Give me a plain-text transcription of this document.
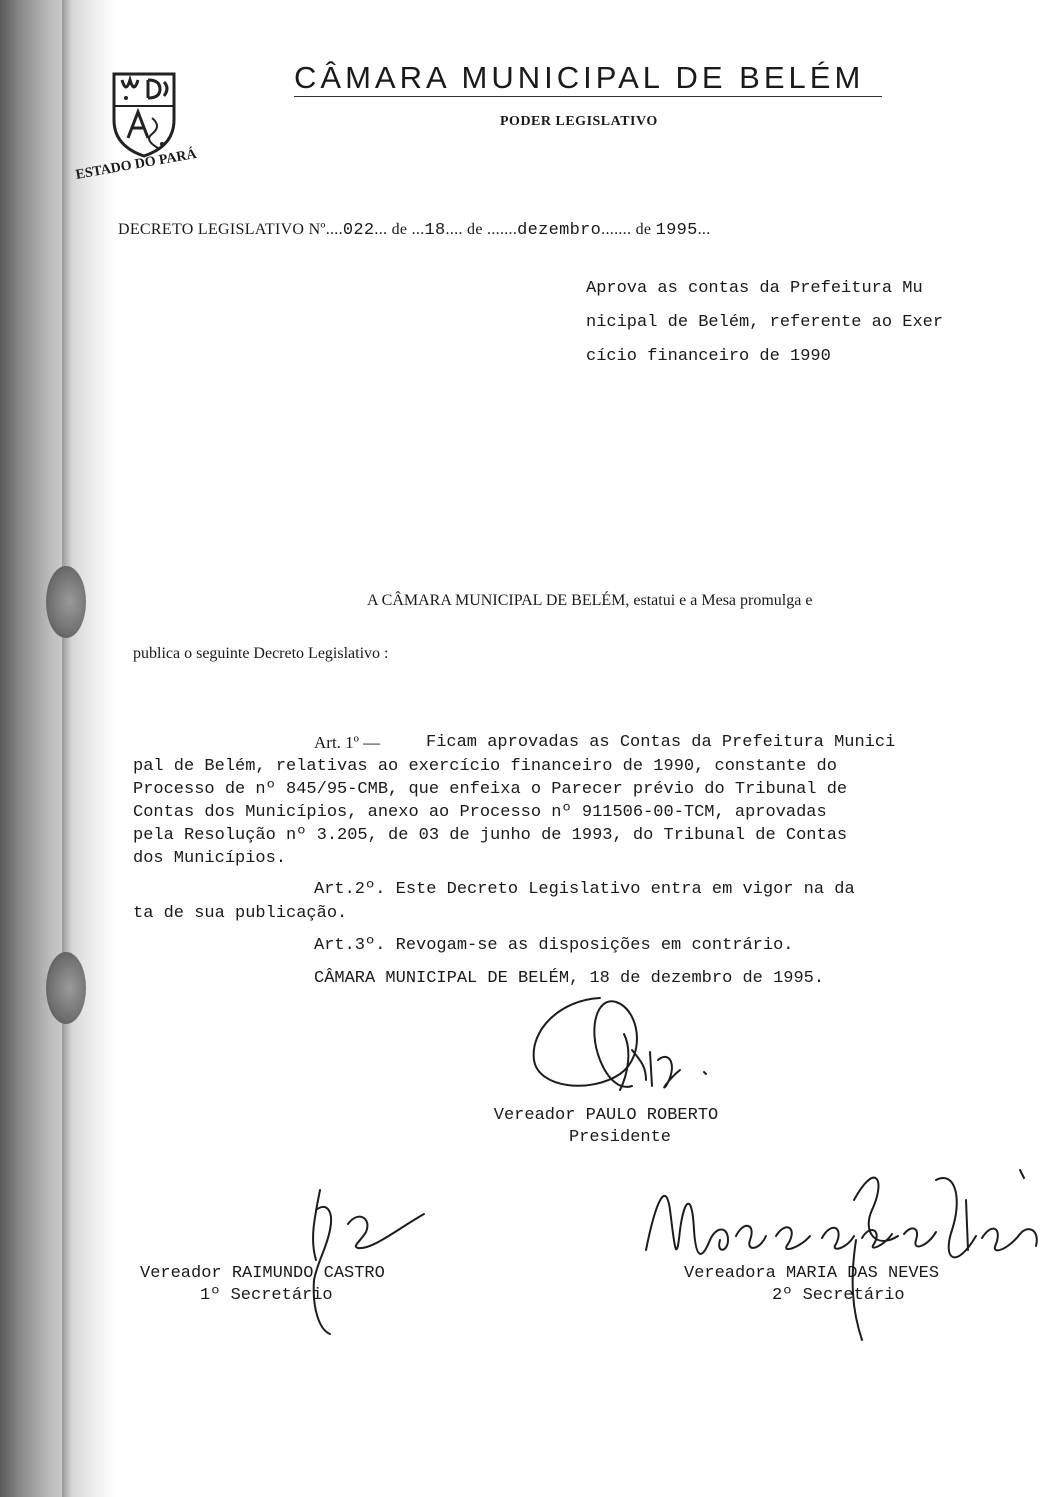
CÂMARA MUNICIPAL DE BELÉM
PODER LEGISLATIVO
ESTADO DO PARÁ
DECRETO LEGISLATIVO Nº....022... de ...18.... de .......dezembro....... de 1995...
Aprova as contas da Prefeitura Mu
nicipal de Belém, referente ao Exer
cício financeiro de 1990
A CÂMARA MUNICIPAL DE BELÉM, estatui e a Mesa promulga e
publica o seguinte Decreto Legislativo :
Art. 1º —	Ficam aprovadas as Contas da Prefeitura Munici
pal de Belém, relativas ao exercício financeiro de 1990, constante do
Processo de nº 845/95-CMB, que enfeixa o Parecer prévio do Tribunal de
Contas dos Municípios, anexo ao Processo nº 911506-00-TCM, aprovadas
pela Resolução nº 3.205, de 03 de junho de 1993, do Tribunal de Contas
dos Municípios.
Art.2º. Este Decreto Legislativo entra em vigor na da
ta de sua publicação.
Art.3º. Revogam-se as disposições em contrário.
CÂMARA MUNICIPAL DE BELÉM, 18 de dezembro de 1995.
Vereador PAULO ROBERTO
Presidente
Vereador RAIMUNDO CASTRO
1º Secretário
Vereadora MARIA DAS NEVES
2º Secretário
